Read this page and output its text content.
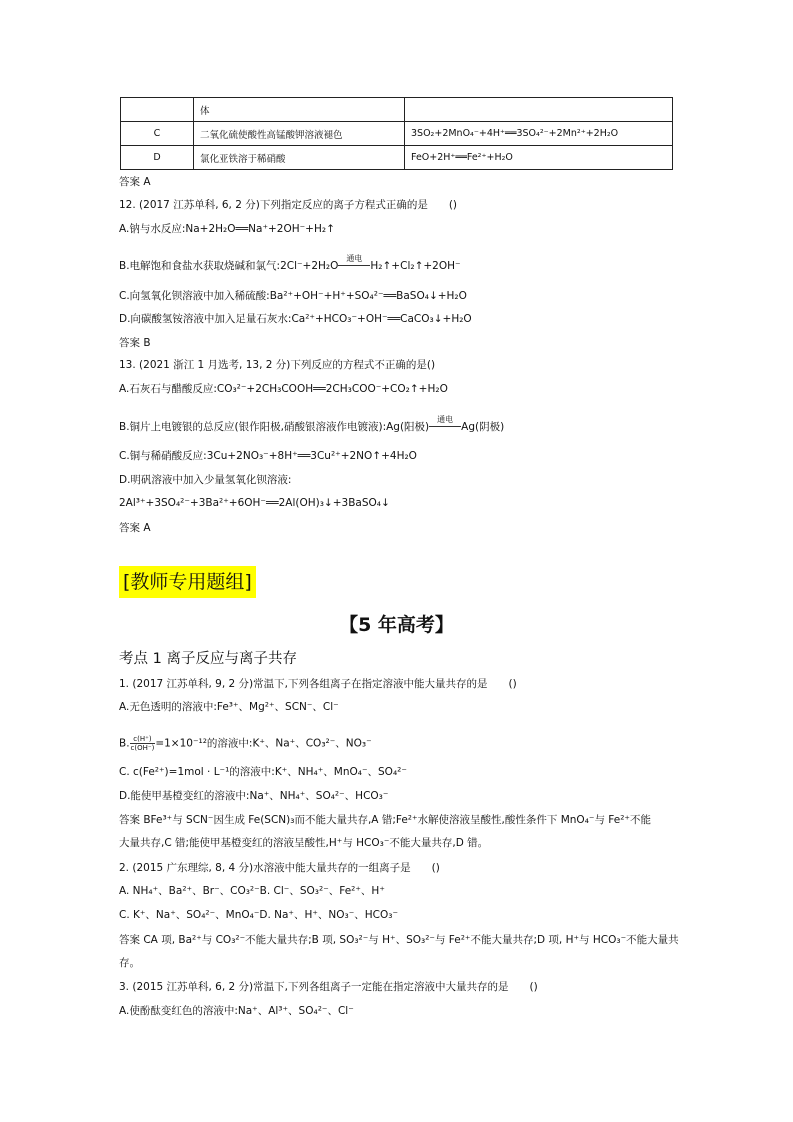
	体	
C	二氧化硫使酸性高锰酸钾溶液褪色	3SO₂+2MnO₄⁻+4H⁺══3SO₄²⁻+2Mn²⁺+2H₂O
D	氯化亚铁溶于稀硝酸	FeO+2H⁺══Fe²⁺+H₂O
答案 A
12. (2017 江苏单科, 6, 2 分)下列指定反应的离子方程式正确的是　　()
A.钠与水反应:Na+2H₂O══Na⁺+2OH⁻+H₂↑
B.电解饱和食盐水获取烧碱和氯气:2Cl⁻+2H₂O
通电
H₂↑+Cl₂↑+2OH⁻
C.向氢氧化钡溶液中加入稀硫酸:Ba²⁺+OH⁻+H⁺+SO₄²⁻══BaSO₄↓+H₂O
D.向碳酸氢铵溶液中加入足量石灰水:Ca²⁺+HCO₃⁻+OH⁻══CaCO₃↓+H₂O
答案 B
13. (2021 浙江 1 月选考, 13, 2 分)下列反应的方程式不正确的是()
A.石灰石与醋酸反应:CO₃²⁻+2CH₃COOH══2CH₃COO⁻+CO₂↑+H₂O
B.铜片上电镀银的总反应(银作阳极,硝酸银溶液作电镀液):Ag(阳极)
通电
Ag(阴极)
C.铜与稀硝酸反应:3Cu+2NO₃⁻+8H⁺══3Cu²⁺+2NO↑+4H₂O
D.明矾溶液中加入少量氢氧化钡溶液:
2Al³⁺+3SO₄²⁻+3Ba²⁺+6OH⁻══2Al(OH)₃↓+3BaSO₄↓
答案 A
[教师专用题组]
【5 年高考】
考点 1 离子反应与离子共存
1. (2017 江苏单科, 9, 2 分)常温下,下列各组离子在指定溶液中能大量共存的是　　()
A.无色透明的溶液中:Fe³⁺、Mg²⁺、SCN⁻、Cl⁻
B. $\frac{c(H^+)}{c(OH^-)} =1\times 10^{-12}$的溶液中:K⁺、Na⁺、CO₃²⁻、NO₃⁻
C. c(Fe²⁺)=1mol · L⁻¹的溶液中:K⁺、NH₄⁺、MnO₄⁻、SO₄²⁻
D.能使甲基橙变红的溶液中:Na⁺、NH₄⁺、SO₄²⁻、HCO₃⁻
答案 BFe³⁺与 SCN⁻因生成 Fe(SCN)₃而不能大量共存,A 错;Fe²⁺水解使溶液呈酸性,酸性条件下 MnO₄⁻与 Fe²⁺不能
大量共存,C 错;能使甲基橙变红的溶液呈酸性,H⁺与 HCO₃⁻不能大量共存,D 错。
2. (2015 广东理综, 8, 4 分)水溶液中能大量共存的一组离子是　　()
A. NH₄⁺、Ba²⁺、Br⁻、CO₃²⁻B. Cl⁻、SO₃²⁻、Fe²⁺、H⁺
C. K⁺、Na⁺、SO₄²⁻、MnO₄⁻D. Na⁺、H⁺、NO₃⁻、HCO₃⁻
答案 CA 项, Ba²⁺与 CO₃²⁻不能大量共存;B 项, SO₃²⁻与 H⁺、SO₃²⁻与 Fe²⁺不能大量共存;D 项, H⁺与 HCO₃⁻不能大量共
存。
3. (2015 江苏单科, 6, 2 分)常温下,下列各组离子一定能在指定溶液中大量共存的是　　()
A.使酚酞变红色的溶液中:Na⁺、Al³⁺、SO₄²⁻、Cl⁻
